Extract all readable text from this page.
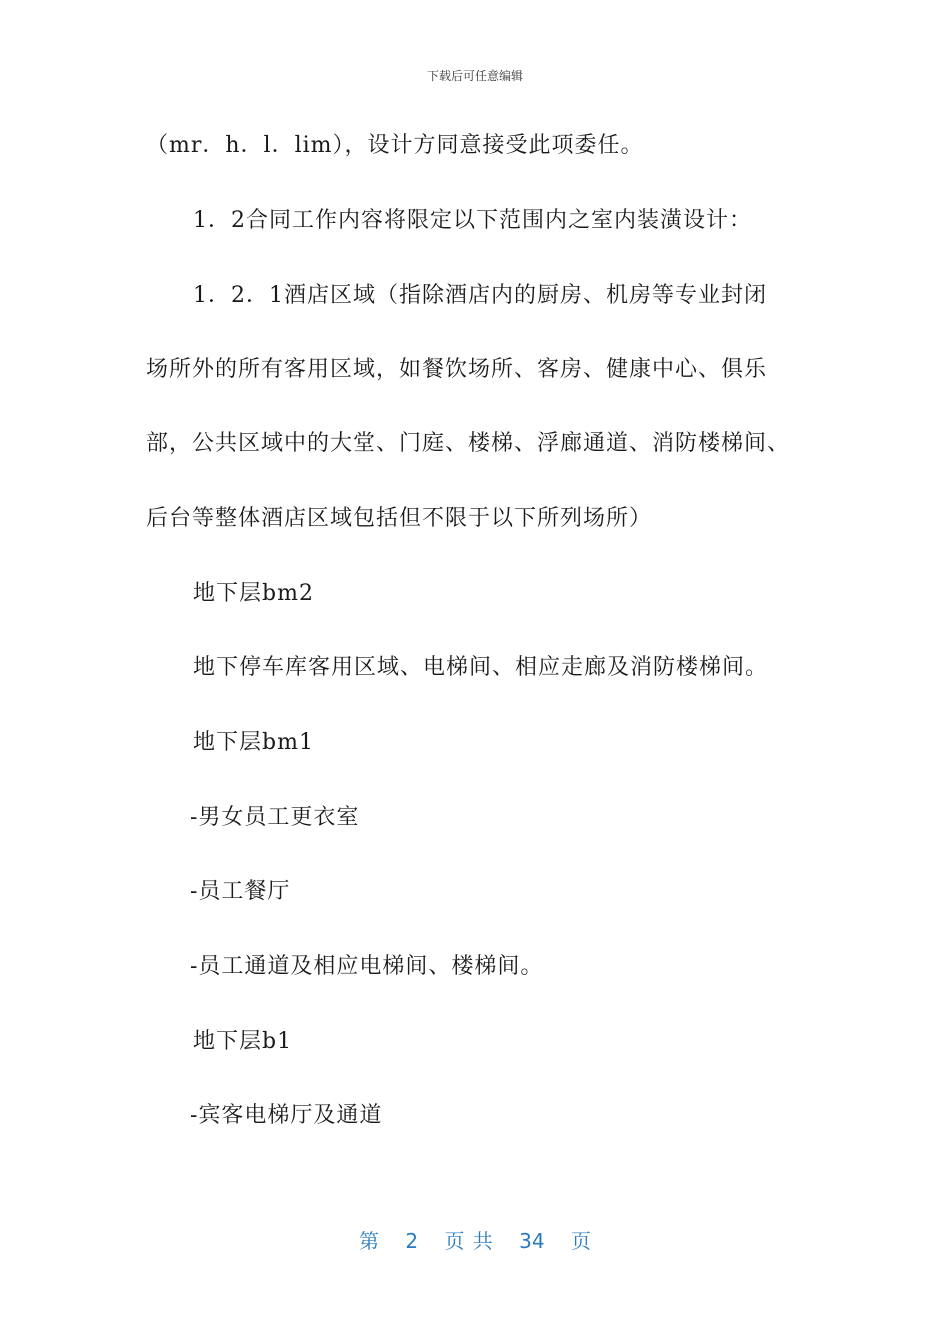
下载后可任意编辑
（mr．h．l．lim），设计方同意接受此项委任。
1．2合同工作内容将限定以下范围内之室内装潢设计：
1．2．1酒店区域（指除酒店内的厨房、机房等专业封闭
场所外的所有客用区域，如餐饮场所、客房、健康中心、俱乐
部，公共区域中的大堂、门庭、楼梯、浮廊通道、消防楼梯间、
后台等整体酒店区域包括但不限于以下所列场所）
地下层bm2
地下停车库客用区域、电梯间、相应走廊及消防楼梯间。
地下层bm1
-男女员工更衣室
-员工餐厅
-员工通道及相应电梯间、楼梯间。
地下层b1
-宾客电梯厅及通道
第 2 页 共 34 页
